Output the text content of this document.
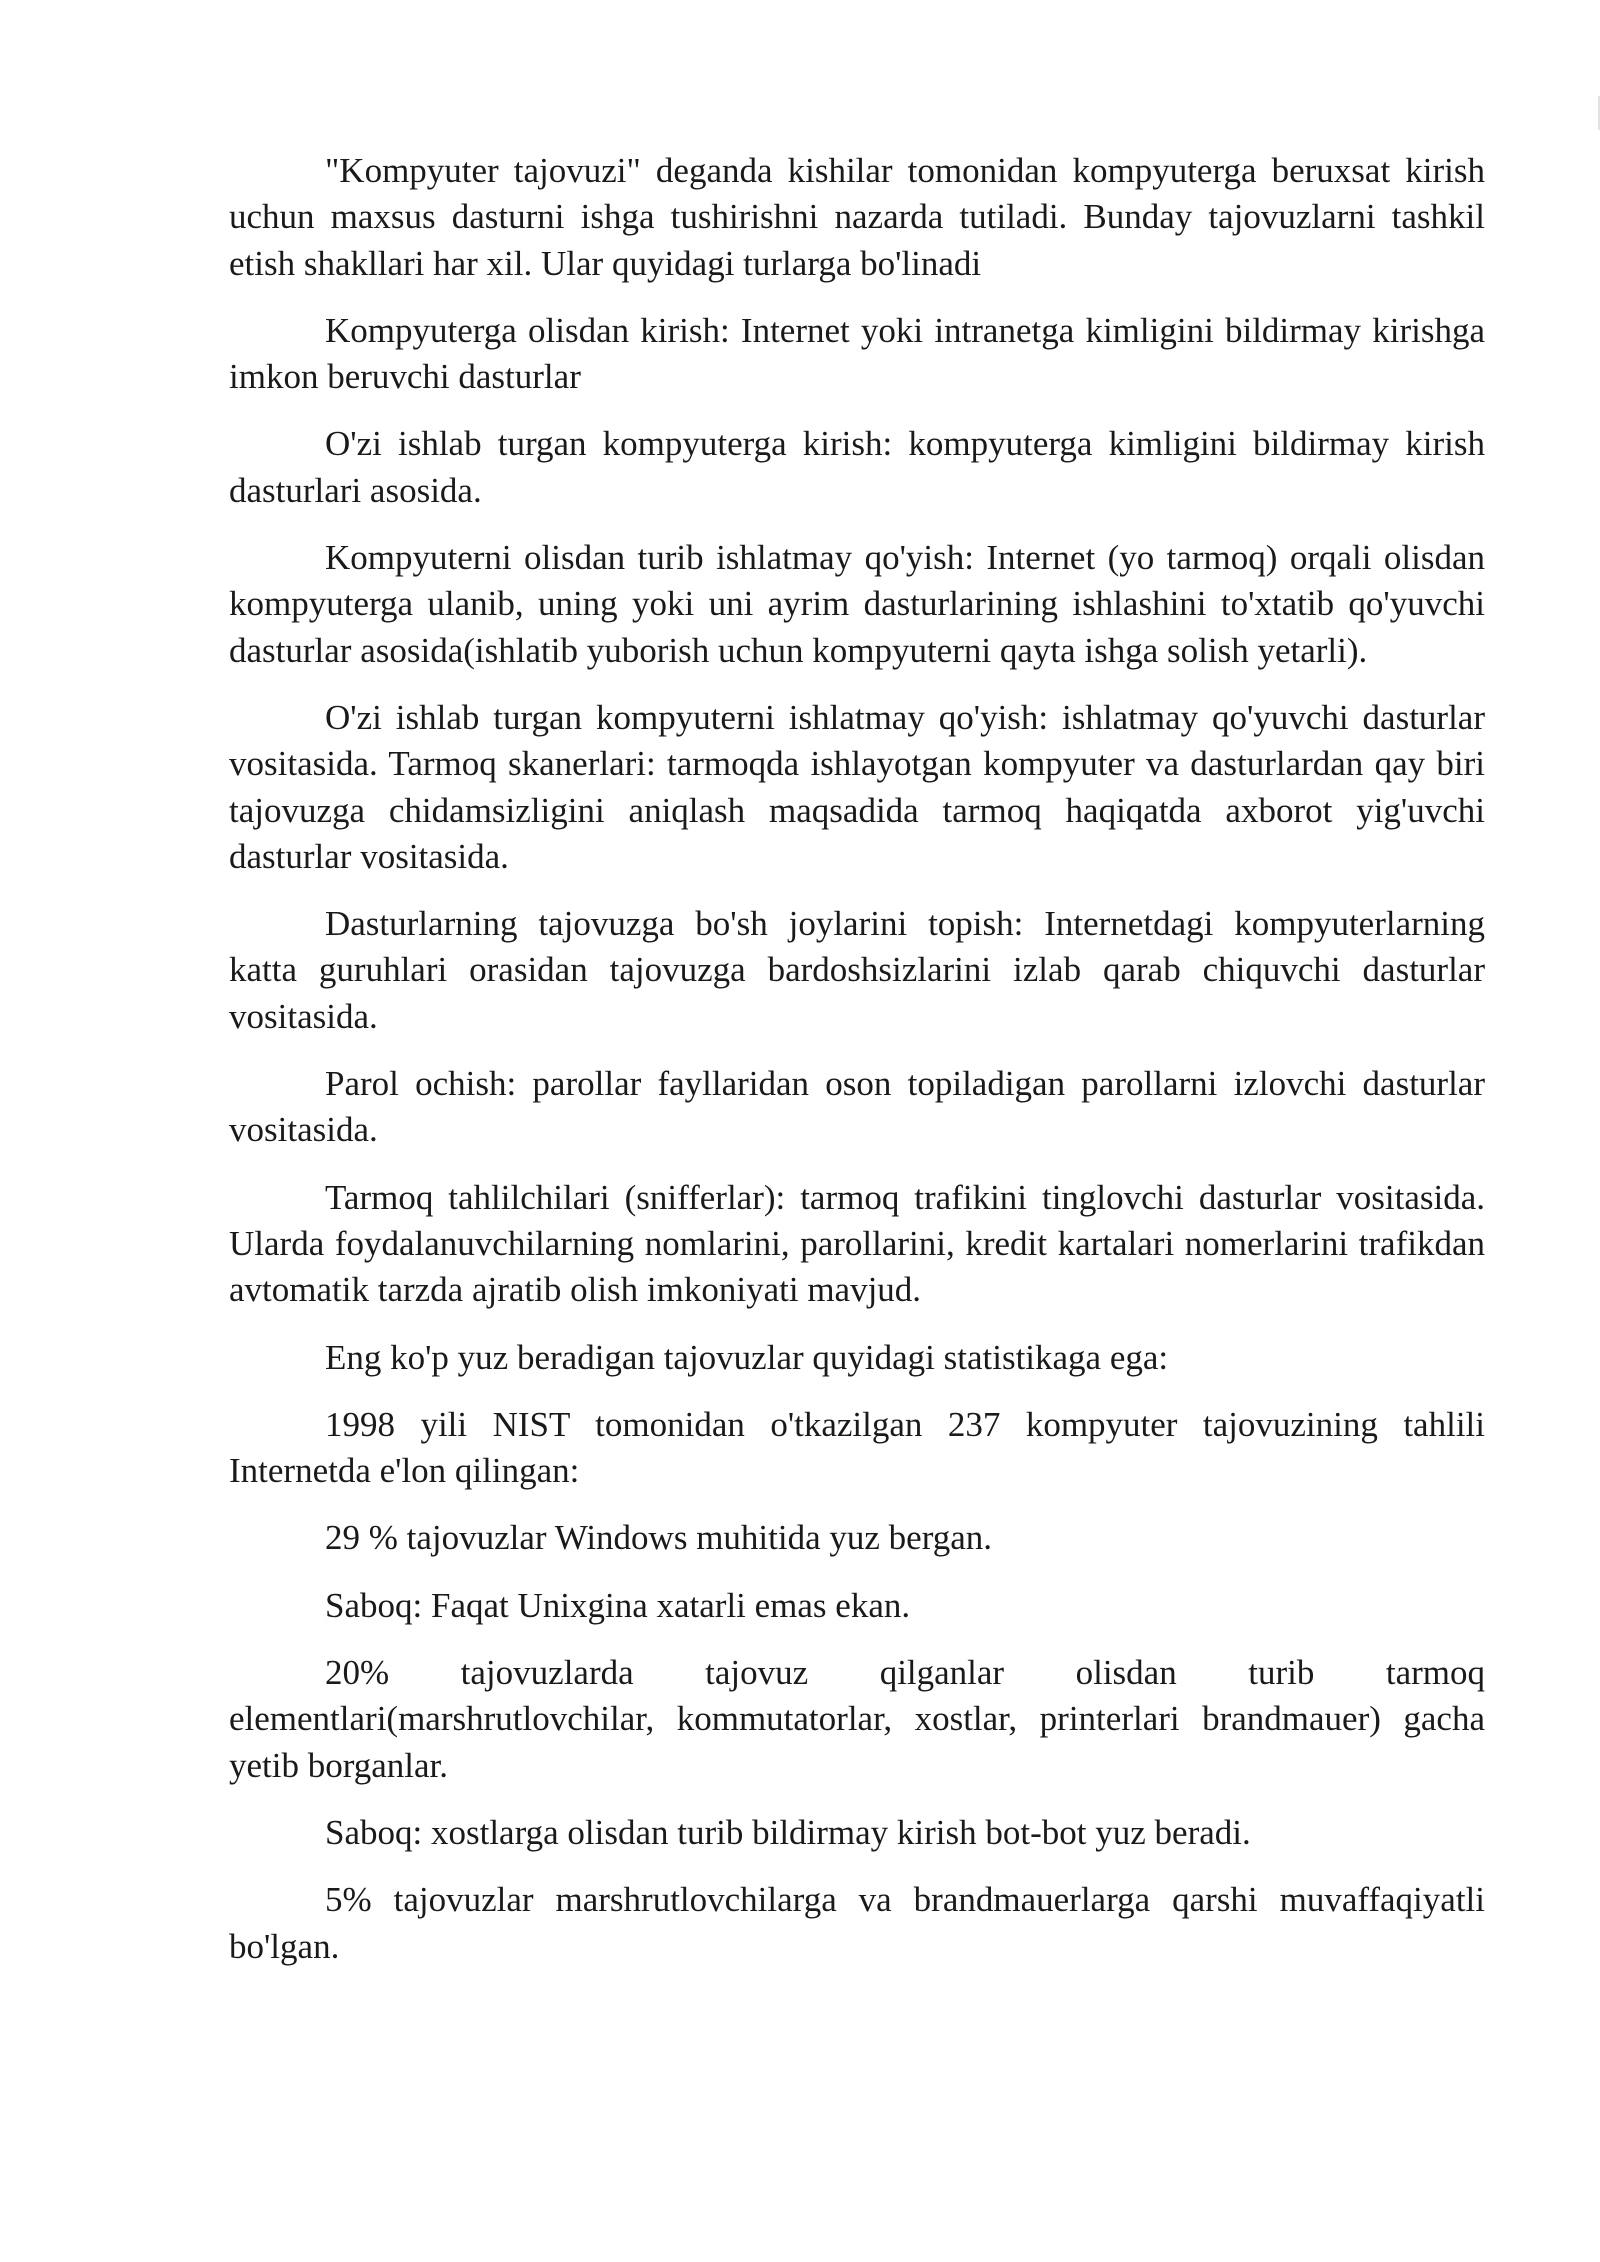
"Kompyuter tajovuzi" deganda kishilar tomonidan kompyuterga beruxsat kirish uchun maxsus dasturni ishga tushirishni nazarda tutiladi. Bunday tajovuzlarni tashkil etish shakllari har xil. Ular quyidagi turlarga bo'linadi

Kompyuterga olisdan kirish: Internet yoki intranetga kimligini bildirmay kirishga imkon beruvchi dasturlar

O'zi ishlab turgan kompyuterga kirish: kompyuterga kimligini bildirmay kirish dasturlari asosida.

Kompyuterni olisdan turib ishlatmay qo'yish: Internet (yo tarmoq) orqali olisdan kompyuterga ulanib, uning yoki uni ayrim dasturlarining ishlashini to'xtatib qo'yuvchi dasturlar asosida(ishlatib yuborish uchun kompyuterni qayta ishga solish yetarli).

O'zi ishlab turgan kompyuterni ishlatmay qo'yish: ishlatmay qo'yuvchi dasturlar vositasida. Tarmoq skanerlari: tarmoqda ishlayotgan kompyuter va dasturlardan qay biri tajovuzga chidamsizligini aniqlash maqsadida tarmoq haqiqatda axborot yig'uvchi dasturlar vositasida.

Dasturlarning tajovuzga bo'sh joylarini topish: Internetdagi kompyuterlarning katta guruhlari orasidan tajovuzga bardoshsizlarini izlab qarab chiquvchi dasturlar vositasida.

Parol ochish: parollar fayllaridan oson topiladigan parollarni izlovchi dasturlar vositasida.

Tarmoq tahlilchilari (snifferlar): tarmoq trafikini tinglovchi dasturlar vositasida. Ularda foydalanuvchilarning nomlarini, parollarini, kredit kartalari nomerlarini trafikdan avtomatik tarzda ajratib olish imkoniyati mavjud.

Eng ko'p yuz beradigan tajovuzlar quyidagi statistikaga ega:

1998 yili NIST tomonidan o'tkazilgan 237 kompyuter tajovuzining tahlili Internetda e'lon qilingan:

29 % tajovuzlar Windows muhitida yuz bergan.

Saboq: Faqat Unixgina xatarli emas ekan.

20% tajovuzlarda tajovuz qilganlar olisdan turib tarmoq elementlari(marshrutlovchilar, kommutatorlar, xostlar, printerlari brandmauer) gacha yetib borganlar.

Saboq: xostlarga olisdan turib bildirmay kirish bot-bot yuz beradi.

5% tajovuzlar marshrutlovchilarga va brandmauerlarga qarshi muvaffaqiyatli bo'lgan.
